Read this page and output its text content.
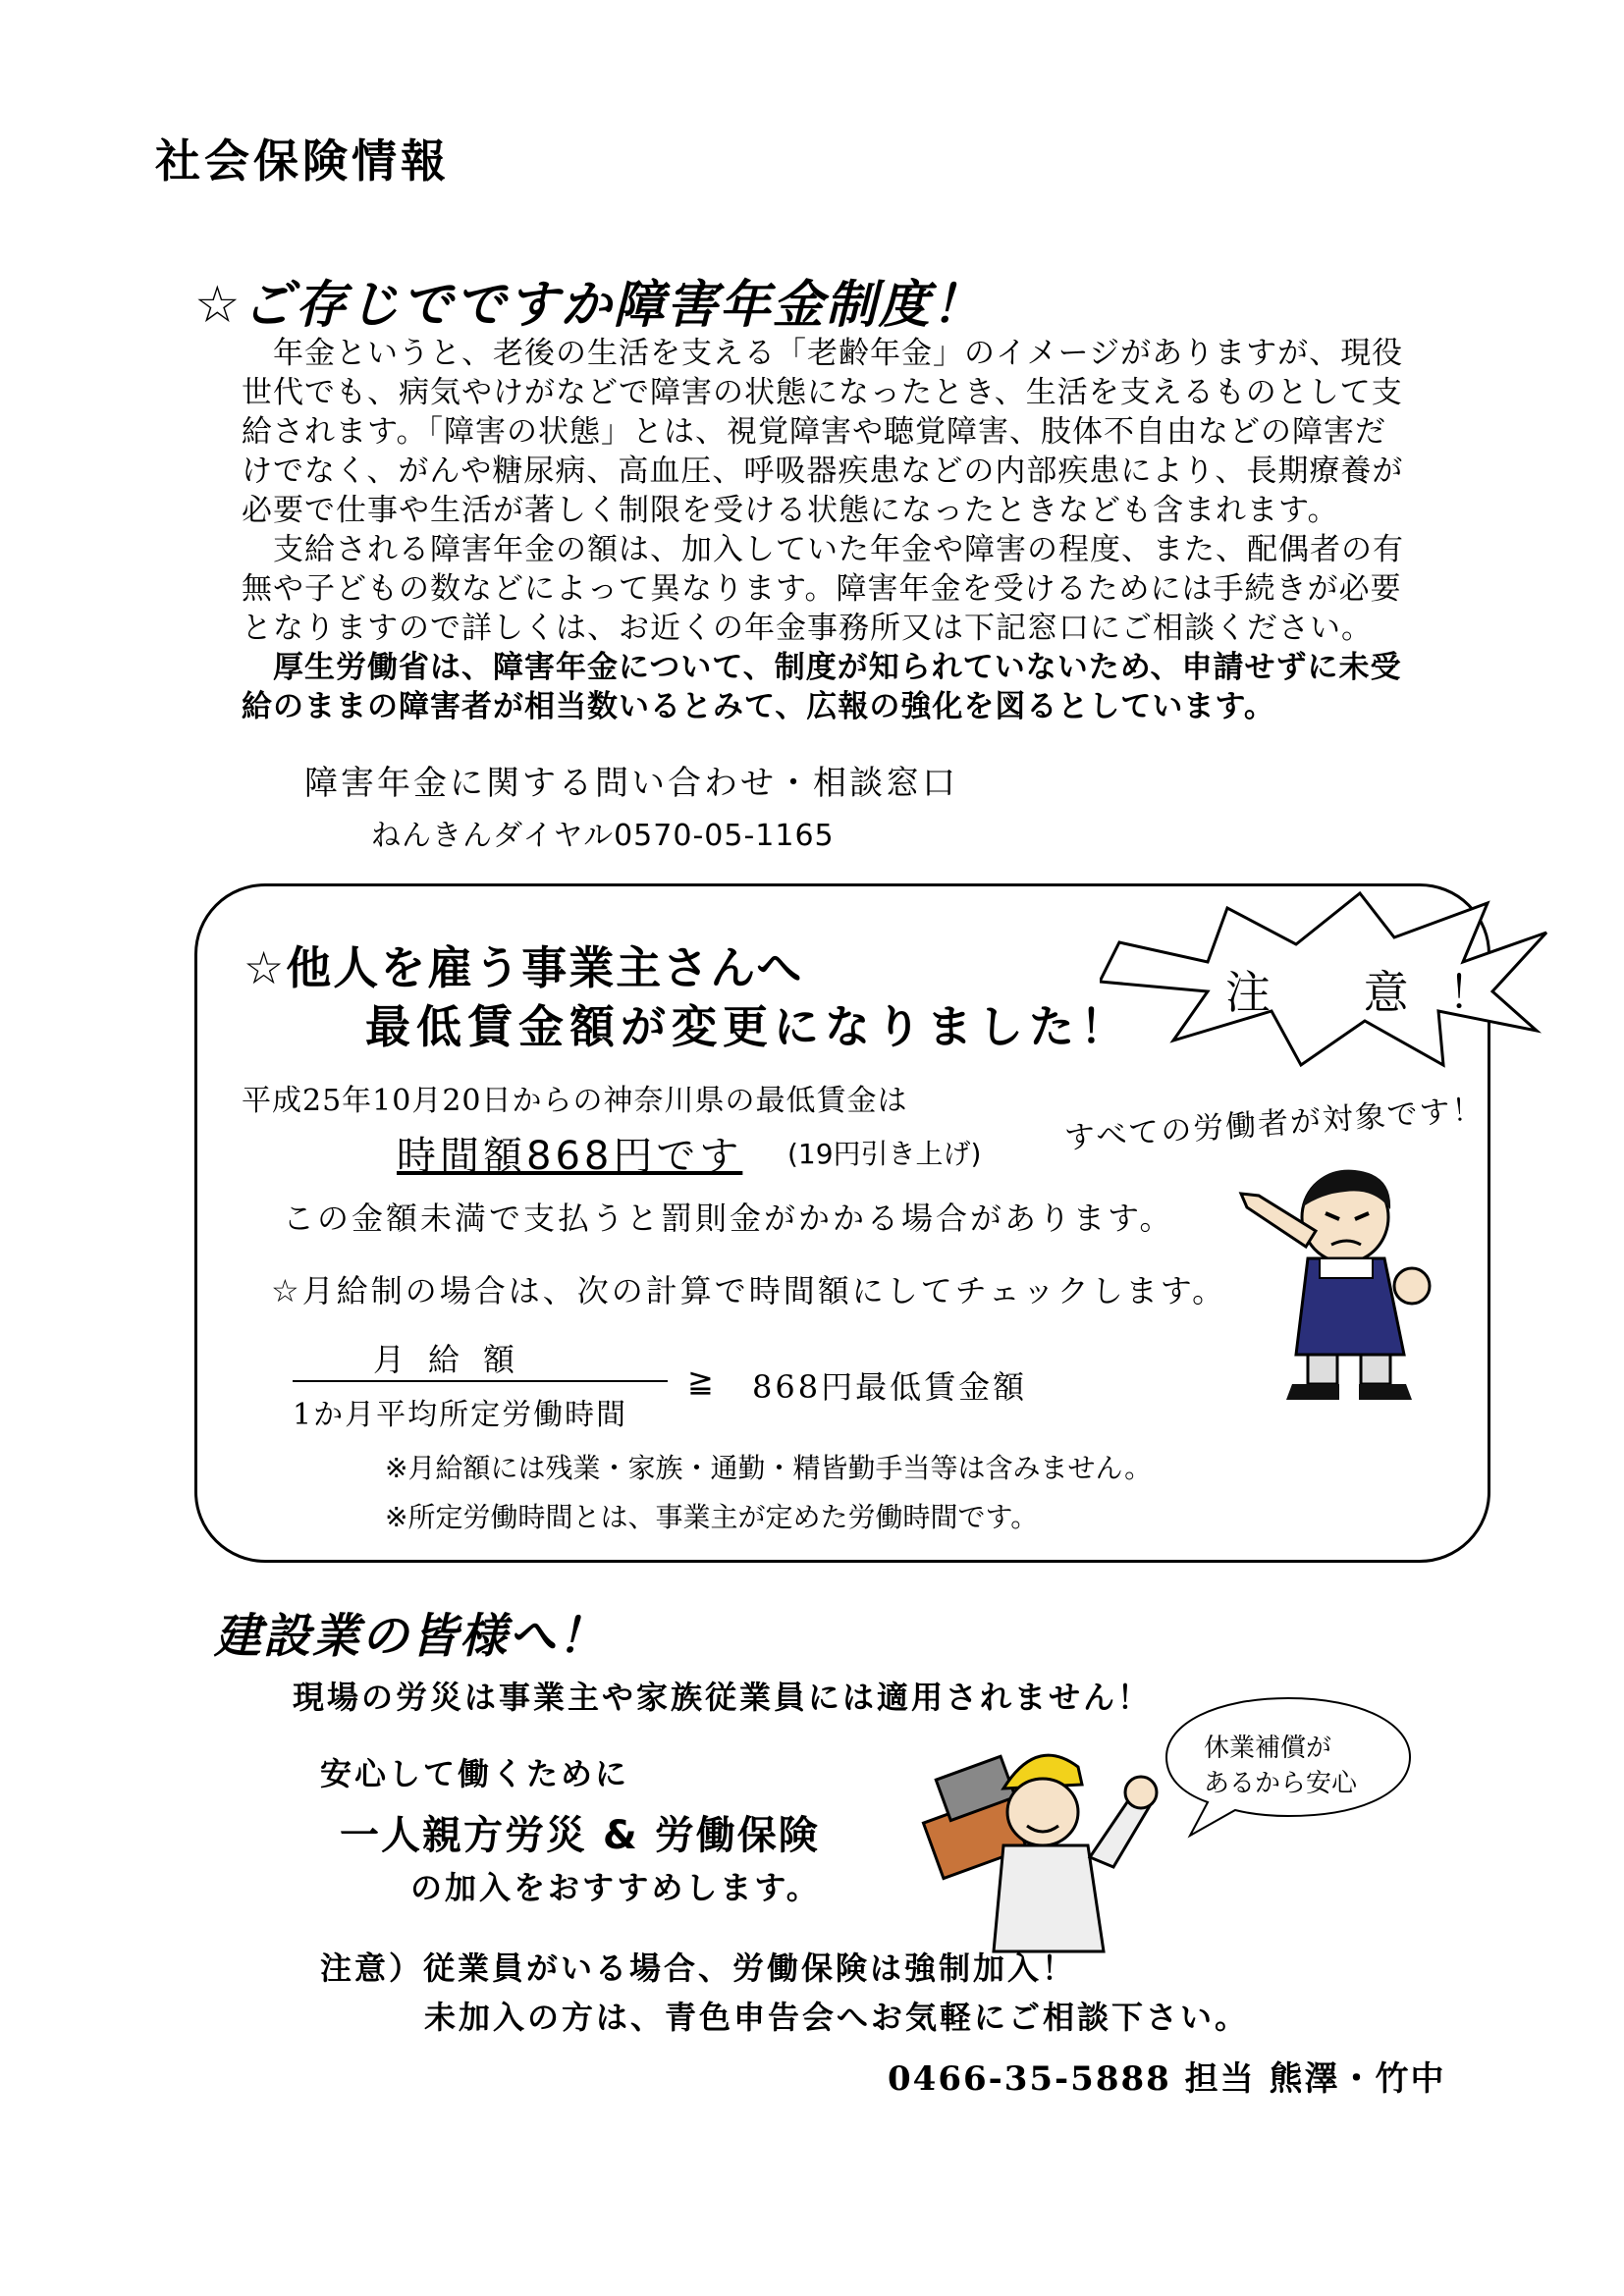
社会保険情報
☆ご存じでですか障害年金制度！
　年金というと、老後の生活を支える「老齢年金」のイメージがありますが、現役
世代でも、病気やけがなどで障害の状態になったとき、生活を支えるものとして支
給されます。「障害の状態」とは、視覚障害や聴覚障害、肢体不自由などの障害だ
けでなく、がんや糖尿病、高血圧、呼吸器疾患などの内部疾患により、長期療養が
必要で仕事や生活が著しく制限を受ける状態になったときなども含まれます。
　支給される障害年金の額は、加入していた年金や障害の程度、また、配偶者の有
無や子どもの数などによって異なります。障害年金を受けるためには手続きが必要
となりますので詳しくは、お近くの年金事務所又は下記窓口にご相談ください。
　厚生労働省は、障害年金について、制度が知られていないため、申請せずに未受
給のままの障害者が相当数いるとみて、広報の強化を図るとしています。
障害年金に関する問い合わせ・相談窓口
ねんきんダイヤル0570-05-1165
☆他人を雇う事業主さんへ
最低賃金額が変更になりました！
注 意！
平成25年10月20日からの神奈川県の最低賃金は
時間額868円です (19円引き上げ)	すべての労働者が対象です！
この金額未満で支払うと罰則金がかかる場合があります。
☆月給制の場合は、次の計算で時間額にしてチェックします。
月給額
1か月平均所定労働時間
≧ 868円最低賃金額
※月給額には残業・家族・通勤・精皆勤手当等は含みません。
※所定労働時間とは、事業主が定めた労働時間です。
建設業の皆様へ！
現場の労災は事業主や家族従業員には適用されません！
安心して働くために
一人親方労災 & 労働保険
の加入をおすすめします。
休業補償が
あるから安心
注意）従業員がいる場合、労働保険は強制加入！
未加入の方は、青色申告会へお気軽にご相談下さい。
0466-35-5888 担当 熊澤・竹中
